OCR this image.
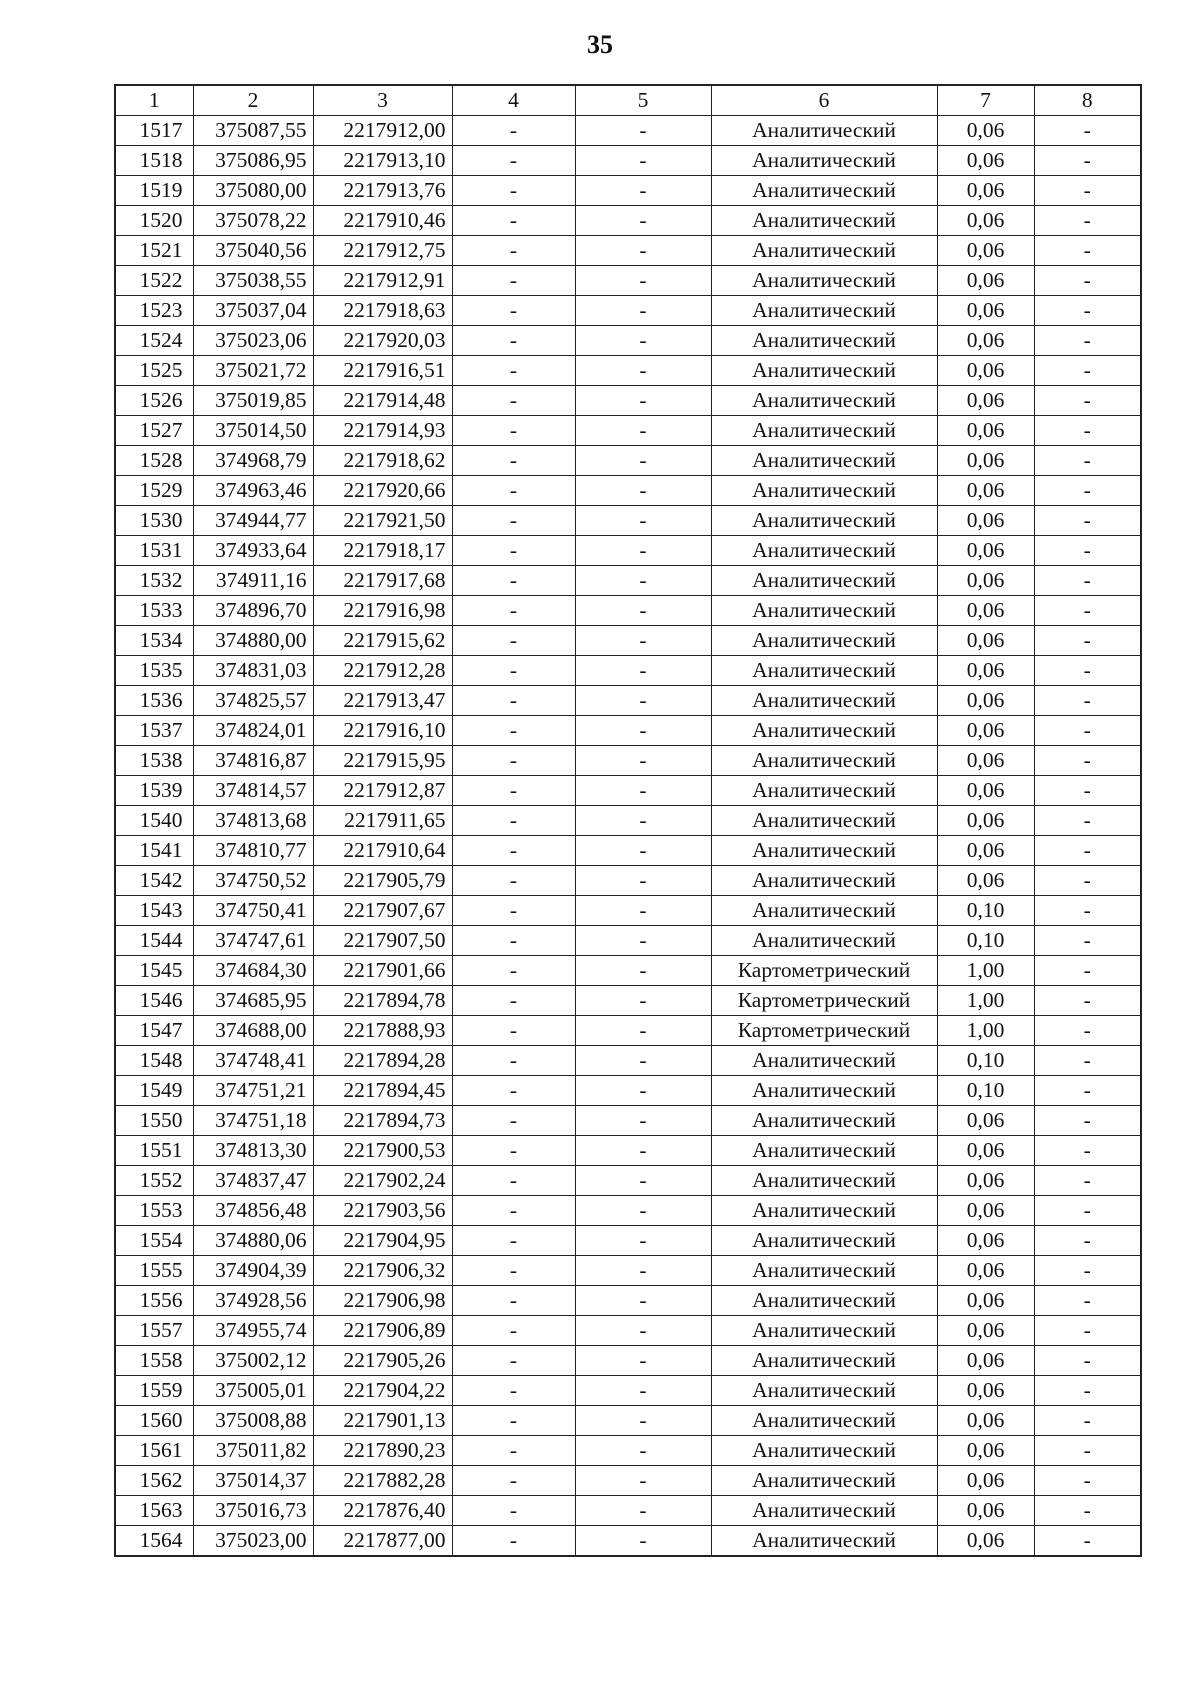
35
1	2	3	4	5	6	7	8
1517	375087,55	2217912,00	-	-	Аналитический	0,06	-
1518	375086,95	2217913,10	-	-	Аналитический	0,06	-
1519	375080,00	2217913,76	-	-	Аналитический	0,06	-
1520	375078,22	2217910,46	-	-	Аналитический	0,06	-
1521	375040,56	2217912,75	-	-	Аналитический	0,06	-
1522	375038,55	2217912,91	-	-	Аналитический	0,06	-
1523	375037,04	2217918,63	-	-	Аналитический	0,06	-
1524	375023,06	2217920,03	-	-	Аналитический	0,06	-
1525	375021,72	2217916,51	-	-	Аналитический	0,06	-
1526	375019,85	2217914,48	-	-	Аналитический	0,06	-
1527	375014,50	2217914,93	-	-	Аналитический	0,06	-
1528	374968,79	2217918,62	-	-	Аналитический	0,06	-
1529	374963,46	2217920,66	-	-	Аналитический	0,06	-
1530	374944,77	2217921,50	-	-	Аналитический	0,06	-
1531	374933,64	2217918,17	-	-	Аналитический	0,06	-
1532	374911,16	2217917,68	-	-	Аналитический	0,06	-
1533	374896,70	2217916,98	-	-	Аналитический	0,06	-
1534	374880,00	2217915,62	-	-	Аналитический	0,06	-
1535	374831,03	2217912,28	-	-	Аналитический	0,06	-
1536	374825,57	2217913,47	-	-	Аналитический	0,06	-
1537	374824,01	2217916,10	-	-	Аналитический	0,06	-
1538	374816,87	2217915,95	-	-	Аналитический	0,06	-
1539	374814,57	2217912,87	-	-	Аналитический	0,06	-
1540	374813,68	2217911,65	-	-	Аналитический	0,06	-
1541	374810,77	2217910,64	-	-	Аналитический	0,06	-
1542	374750,52	2217905,79	-	-	Аналитический	0,06	-
1543	374750,41	2217907,67	-	-	Аналитический	0,10	-
1544	374747,61	2217907,50	-	-	Аналитический	0,10	-
1545	374684,30	2217901,66	-	-	Картометрический	1,00	-
1546	374685,95	2217894,78	-	-	Картометрический	1,00	-
1547	374688,00	2217888,93	-	-	Картометрический	1,00	-
1548	374748,41	2217894,28	-	-	Аналитический	0,10	-
1549	374751,21	2217894,45	-	-	Аналитический	0,10	-
1550	374751,18	2217894,73	-	-	Аналитический	0,06	-
1551	374813,30	2217900,53	-	-	Аналитический	0,06	-
1552	374837,47	2217902,24	-	-	Аналитический	0,06	-
1553	374856,48	2217903,56	-	-	Аналитический	0,06	-
1554	374880,06	2217904,95	-	-	Аналитический	0,06	-
1555	374904,39	2217906,32	-	-	Аналитический	0,06	-
1556	374928,56	2217906,98	-	-	Аналитический	0,06	-
1557	374955,74	2217906,89	-	-	Аналитический	0,06	-
1558	375002,12	2217905,26	-	-	Аналитический	0,06	-
1559	375005,01	2217904,22	-	-	Аналитический	0,06	-
1560	375008,88	2217901,13	-	-	Аналитический	0,06	-
1561	375011,82	2217890,23	-	-	Аналитический	0,06	-
1562	375014,37	2217882,28	-	-	Аналитический	0,06	-
1563	375016,73	2217876,40	-	-	Аналитический	0,06	-
1564	375023,00	2217877,00	-	-	Аналитический	0,06	-
